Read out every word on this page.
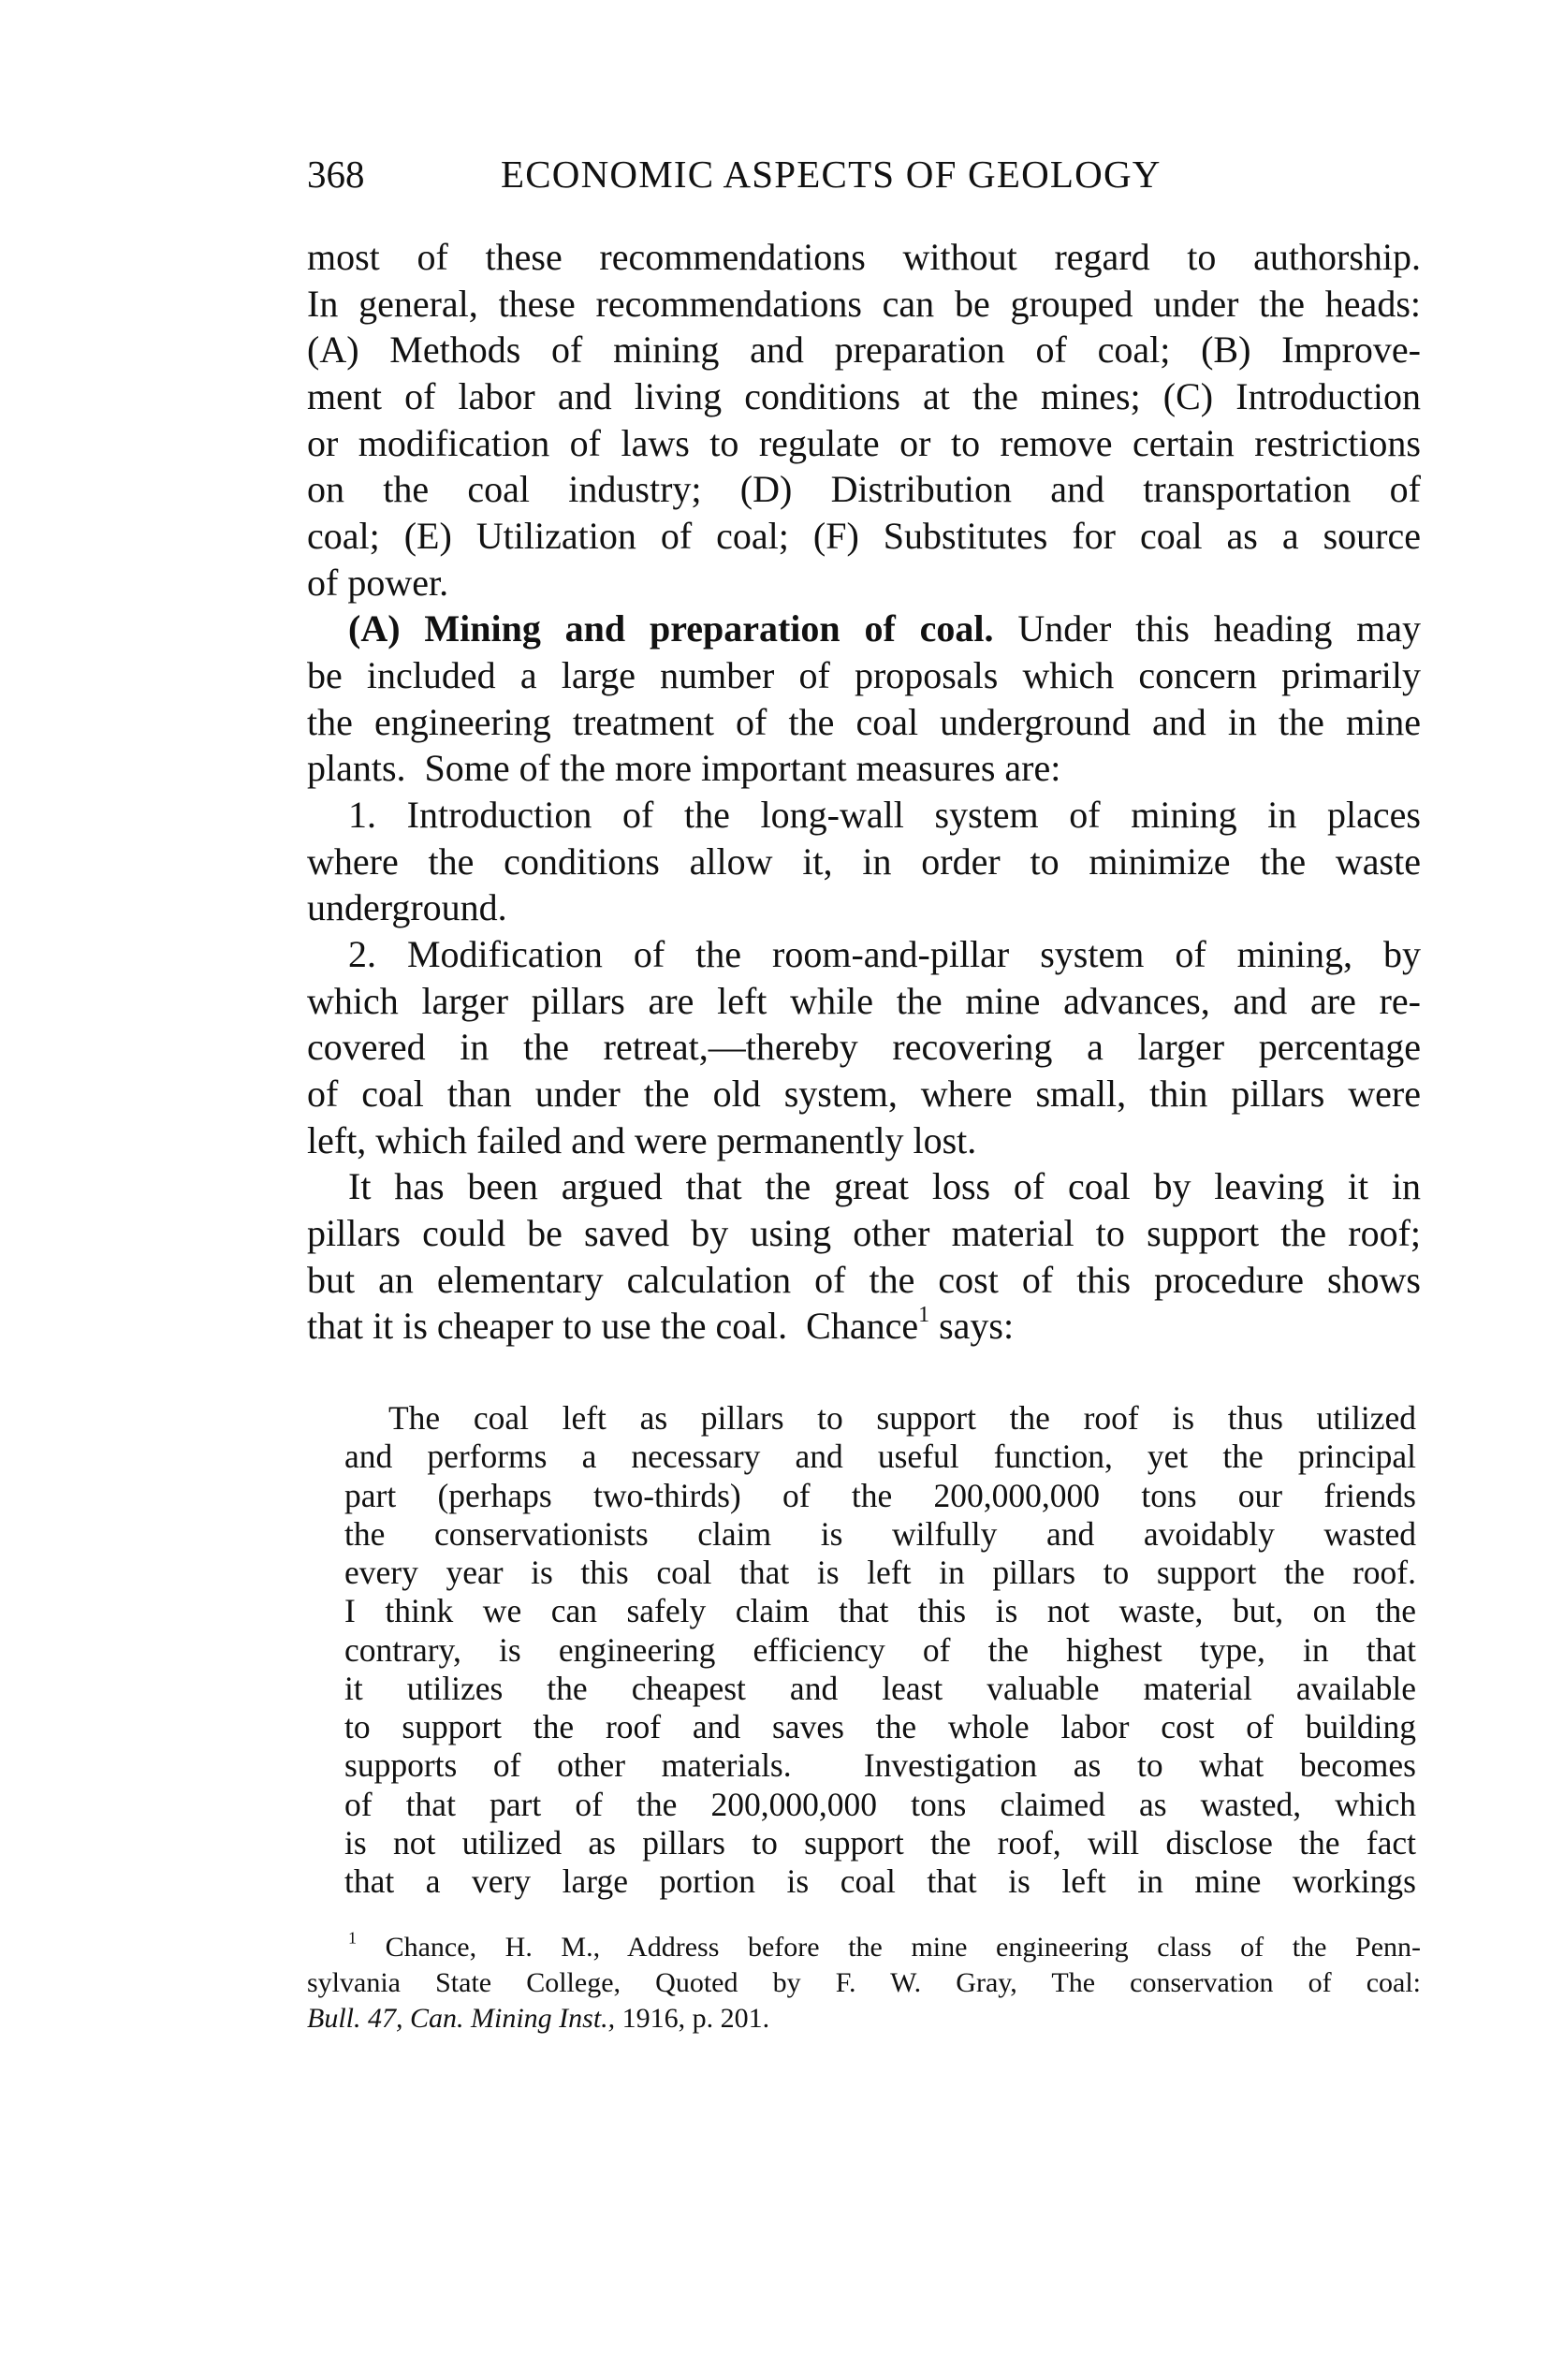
368	ECONOMIC ASPECTS OF GEOLOGY
most of these recommendations without regard to authorship.
In general, these recommendations can be grouped under the heads:
(A) Methods of mining and preparation of coal; (B) Improve-
ment of labor and living conditions at the mines; (C) Introduction
or modification of laws to regulate or to remove certain restrictions
on the coal industry; (D) Distribution and transportation of
coal; (E) Utilization of coal; (F) Substitutes for coal as a source
of power.
(A) Mining and preparation of coal. Under this heading may
be included a large number of proposals which concern primarily
the engineering treatment of the coal underground and in the mine
plants.  Some of the more important measures are:
1. Introduction of the long-wall system of mining in places
where the conditions allow it, in order to minimize the waste
underground.
2. Modification of the room-and-pillar system of mining, by
which larger pillars are left while the mine advances, and are re-
covered in the retreat,—thereby recovering a larger percentage
of coal than under the old system, where small, thin pillars were
left, which failed and were permanently lost.
It has been argued that the great loss of coal by leaving it in
pillars could be saved by using other material to support the roof;
but an elementary calculation of the cost of this procedure shows
that it is cheaper to use the coal.  Chance$^1$ says:
The coal left as pillars to support the roof is thus utilized
and performs a necessary and useful function, yet the principal
part (perhaps two-thirds) of the 200,000,000 tons our friends
the conservationists claim is wilfully and avoidably wasted
every year is this coal that is left in pillars to support the roof.
I think we can safely claim that this is not waste, but, on the
contrary, is engineering efficiency of the highest type, in that
it utilizes the cheapest and least valuable material available
to support the roof and saves the whole labor cost of building
supports of other materials.  Investigation as to what becomes
of that part of the 200,000,000 tons claimed as wasted, which
is not utilized as pillars to support the roof, will disclose the fact
that a very large portion is coal that is left in mine workings
$^1$ Chance, H. M., Address before the mine engineering class of the Penn-
sylvania State College, Quoted by F. W. Gray, The conservation of coal:
Bull. 47, Can. Mining Inst., 1916, p. 201.
